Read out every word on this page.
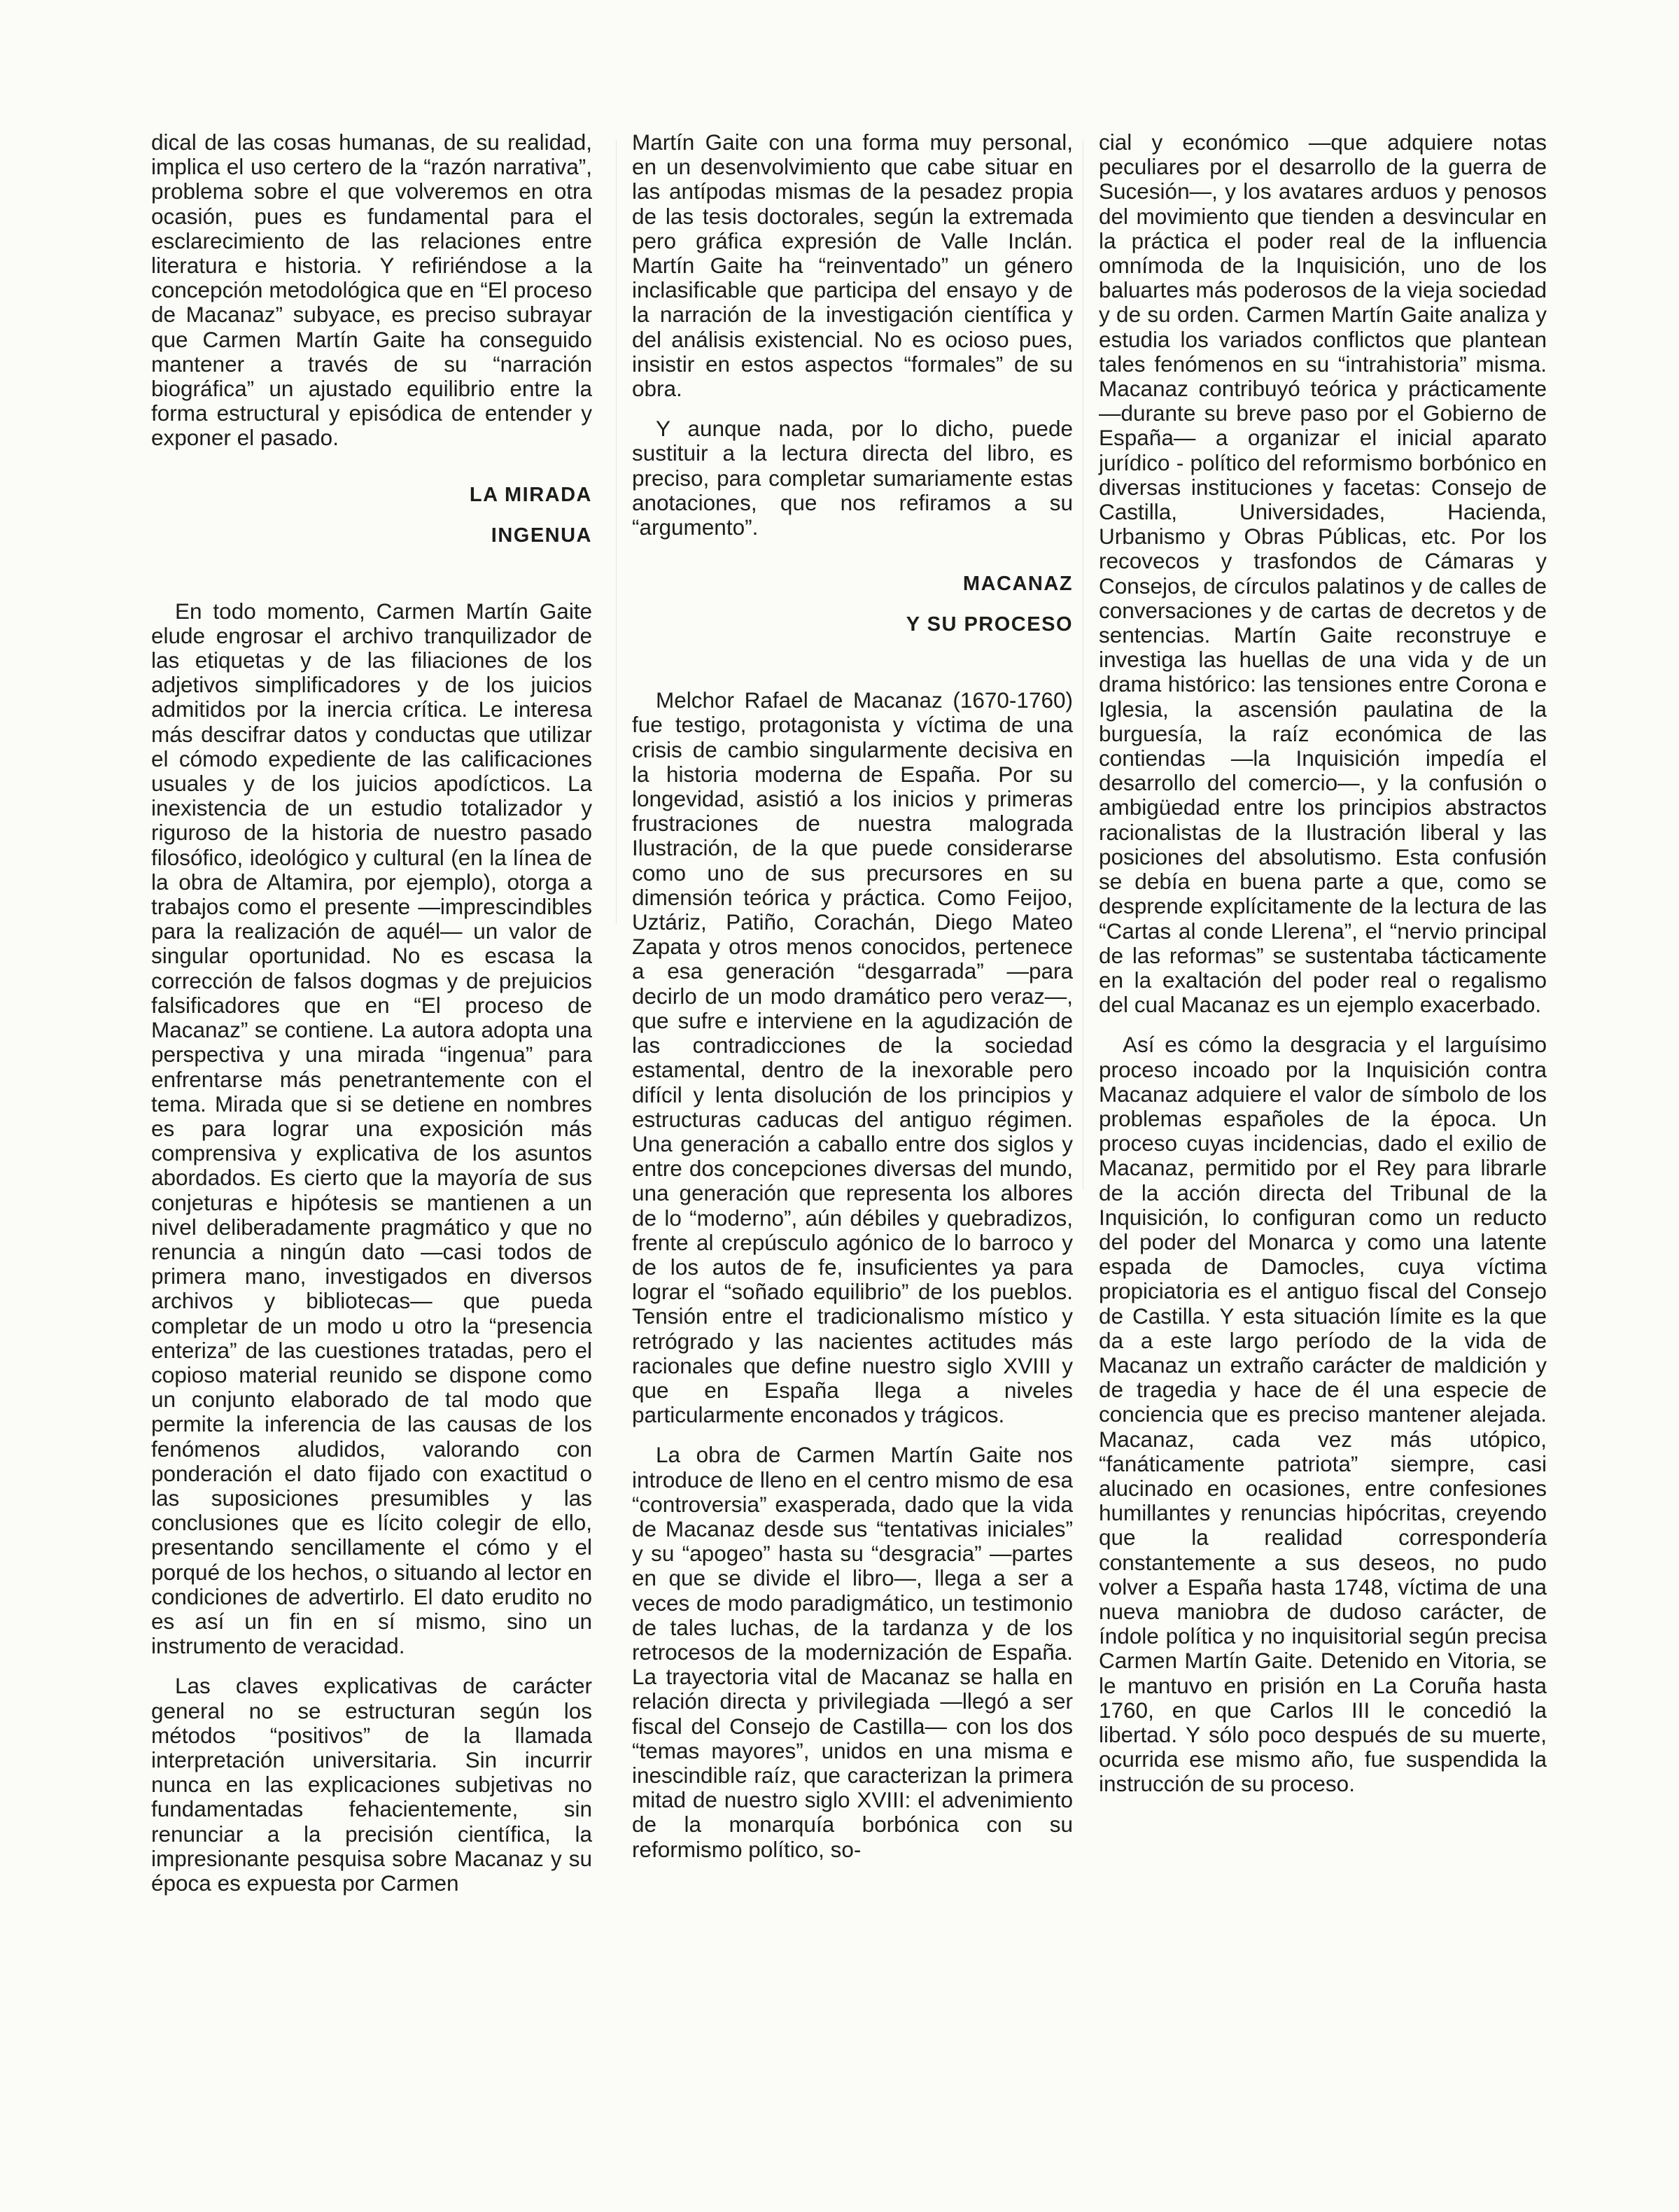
dical de las cosas humanas, de su realidad, implica el uso certero de la “razón narrativa”, problema sobre el que volveremos en otra ocasión, pues es fundamental para el esclarecimiento de las relaciones entre literatura e historia. Y refiriéndose a la concepción metodológica que en “El proceso de Macanaz” subyace, es preciso subrayar que Carmen Martín Gaite ha conseguido mantener a través de su “narración biográfica” un ajustado equilibrio entre la forma estructural y episódica de entender y exponer el pasado.

LA MIRADA
INGENUA

En todo momento, Carmen Martín Gaite elude engrosar el archivo tranquilizador de las etiquetas y de las filiaciones de los adjetivos simplificadores y de los juicios admitidos por la inercia crítica. Le interesa más descifrar datos y conductas que utilizar el cómodo expediente de las calificaciones usuales y de los juicios apodícticos. La inexistencia de un estudio totalizador y riguroso de la historia de nuestro pasado filosófico, ideológico y cultural (en la línea de la obra de Altamira, por ejemplo), otorga a trabajos como el presente —imprescindibles para la realización de aquél— un valor de singular oportunidad. No es escasa la corrección de falsos dogmas y de prejuicios falsificadores que en “El proceso de Macanaz” se contiene. La autora adopta una perspectiva y una mirada “ingenua” para enfrentarse más penetrantemente con el tema. Mirada que si se detiene en nombres es para lograr una exposición más comprensiva y explicativa de los asuntos abordados. Es cierto que la mayoría de sus conjeturas e hipótesis se mantienen a un nivel deliberadamente pragmático y que no renuncia a ningún dato —casi todos de primera mano, investigados en diversos archivos y bibliotecas— que pueda completar de un modo u otro la “presencia enteriza” de las cuestiones tratadas, pero el copioso material reunido se dispone como un conjunto elaborado de tal modo que permite la inferencia de las causas de los fenómenos aludidos, valorando con ponderación el dato fijado con exactitud o las suposiciones presumibles y las conclusiones que es lícito colegir de ello, presentando sencillamente el cómo y el porqué de los hechos, o situando al lector en condiciones de advertirlo. El dato erudito no es así un fin en sí mismo, sino un instrumento de veracidad.

Las claves explicativas de carácter general no se estructuran según los métodos “positivos” de la llamada interpretación universitaria. Sin incurrir nunca en las explicaciones subjetivas no fundamentadas fehacientemente, sin renunciar a la precisión científica, la impresionante pesquisa sobre Macanaz y su época es expuesta por Carmen

Martín Gaite con una forma muy personal, en un desenvolvimiento que cabe situar en las antípodas mismas de la pesadez propia de las tesis doctorales, según la extremada pero gráfica expresión de Valle Inclán. Martín Gaite ha “reinventado” un género inclasificable que participa del ensayo y de la narración de la investigación científica y del análisis existencial. No es ocioso pues, insistir en estos aspectos “formales” de su obra.

Y aunque nada, por lo dicho, puede sustituir a la lectura directa del libro, es preciso, para completar sumariamente estas anotaciones, que nos refiramos a su “argumento”.

MACANAZ
Y SU PROCESO

Melchor Rafael de Macanaz (1670-1760) fue testigo, protagonista y víctima de una crisis de cambio singularmente decisiva en la historia moderna de España. Por su longevidad, asistió a los inicios y primeras frustraciones de nuestra malograda Ilustración, de la que puede considerarse como uno de sus precursores en su dimensión teórica y práctica. Como Feijoo, Uztáriz, Patiño, Corachán, Diego Mateo Zapata y otros menos conocidos, pertenece a esa generación “desgarrada” —para decirlo de un modo dramático pero veraz—, que sufre e interviene en la agudización de las contradicciones de la sociedad estamental, dentro de la inexorable pero difícil y lenta disolución de los principios y estructuras caducas del antiguo régimen. Una generación a caballo entre dos siglos y entre dos concepciones diversas del mundo, una generación que representa los albores de lo “moderno”, aún débiles y quebradizos, frente al crepúsculo agónico de lo barroco y de los autos de fe, insuficientes ya para lograr el “soñado equilibrio” de los pueblos. Tensión entre el tradicionalismo místico y retrógrado y las nacientes actitudes más racionales que define nuestro siglo XVIII y que en España llega a niveles particularmente enconados y trágicos.

La obra de Carmen Martín Gaite nos introduce de lleno en el centro mismo de esa “controversia” exasperada, dado que la vida de Macanaz desde sus “tentativas iniciales” y su “apogeo” hasta su “desgracia” —partes en que se divide el libro—, llega a ser a veces de modo paradigmático, un testimonio de tales luchas, de la tardanza y de los retrocesos de la modernización de España. La trayectoria vital de Macanaz se halla en relación directa y privilegiada —llegó a ser fiscal del Consejo de Castilla— con los dos “temas mayores”, unidos en una misma e inescindible raíz, que caracterizan la primera mitad de nuestro siglo XVIII: el advenimiento de la monarquía borbónica con su reformismo político, so-

cial y económico —que adquiere notas peculiares por el desarrollo de la guerra de Sucesión—, y los avatares arduos y penosos del movimiento que tienden a desvincular en la práctica el poder real de la influencia omnímoda de la Inquisición, uno de los baluartes más poderosos de la vieja sociedad y de su orden. Carmen Martín Gaite analiza y estudia los variados conflictos que plantean tales fenómenos en su “intrahistoria” misma. Macanaz contribuyó teórica y prácticamente —durante su breve paso por el Gobierno de España— a organizar el inicial aparato jurídico - político del reformismo borbónico en diversas instituciones y facetas: Consejo de Castilla, Universidades, Hacienda, Urbanismo y Obras Públicas, etc. Por los recovecos y trasfondos de Cámaras y Consejos, de círculos palatinos y de calles de conversaciones y de cartas de decretos y de sentencias. Martín Gaite reconstruye e investiga las huellas de una vida y de un drama histórico: las tensiones entre Corona e Iglesia, la ascensión paulatina de la burguesía, la raíz económica de las contiendas —la Inquisición impedía el desarrollo del comercio—, y la confusión o ambigüedad entre los principios abstractos racionalistas de la Ilustración liberal y las posiciones del absolutismo. Esta confusión se debía en buena parte a que, como se desprende explícitamente de la lectura de las “Cartas al conde Llerena”, el “nervio principal de las reformas” se sustentaba tácticamente en la exaltación del poder real o regalismo del cual Macanaz es un ejemplo exacerbado.

Así es cómo la desgracia y el larguísimo proceso incoado por la Inquisición contra Macanaz adquiere el valor de símbolo de los problemas españoles de la época. Un proceso cuyas incidencias, dado el exilio de Macanaz, permitido por el Rey para librarle de la acción directa del Tribunal de la Inquisición, lo configuran como un reducto del poder del Monarca y como una latente espada de Damocles, cuya víctima propiciatoria es el antiguo fiscal del Consejo de Castilla. Y esta situación límite es la que da a este largo período de la vida de Macanaz un extraño carácter de maldición y de tragedia y hace de él una especie de conciencia que es preciso mantener alejada. Macanaz, cada vez más utópico, “fanáticamente patriota” siempre, casi alucinado en ocasiones, entre confesiones humillantes y renuncias hipócritas, creyendo que la realidad correspondería constantemente a sus deseos, no pudo volver a España hasta 1748, víctima de una nueva maniobra de dudoso carácter, de índole política y no inquisitorial según precisa Carmen Martín Gaite. Detenido en Vitoria, se le mantuvo en prisión en La Coruña hasta 1760, en que Carlos III le concedió la libertad. Y sólo poco después de su muerte, ocurrida ese mismo año, fue suspendida la instrucción de su proceso.
